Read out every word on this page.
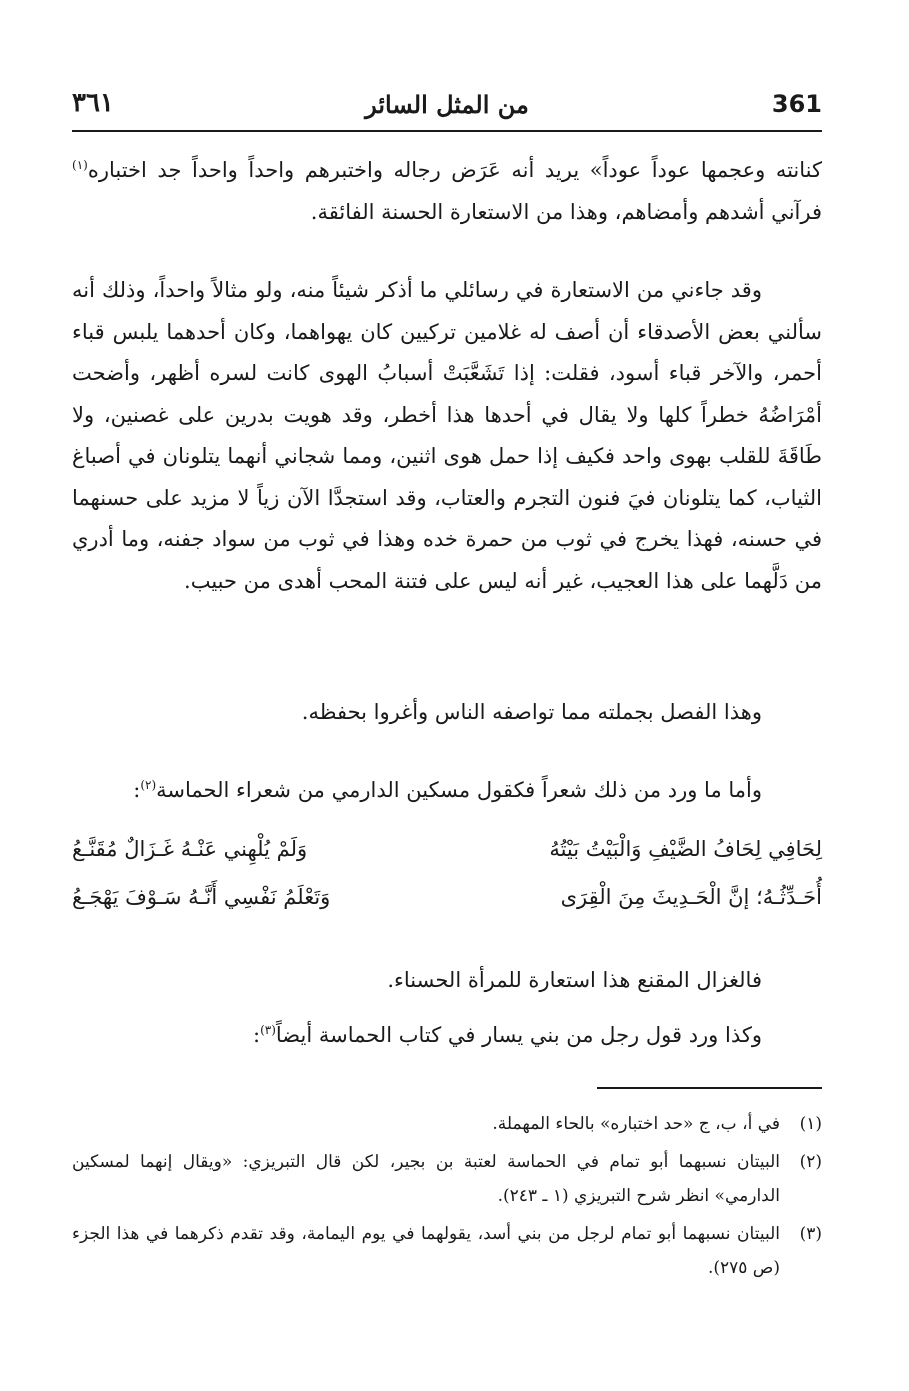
361
من المثل السائر
٣٦١

كنانته وعجمها عوداً عوداً» يريد أنه عَرَض رجاله واختبرهم واحداً واحداً جد اختباره$^{(١)}$ فرآني أشدهم وأمضاهم، وهذا من الاستعارة الحسنة الفائقة.

وقد جاءني من الاستعارة في رسائلي ما أذكر شيئاً منه، ولو مثالاً واحداً، وذلك أنه سألني بعض الأصدقاء أن أصف له غلامين تركيين كان يهواهما، وكان أحدهما يلبس قباء أحمر، والآخر قباء أسود، فقلت: إذا تَشَعَّبَتْ أسبابُ الهوى كانت لسره أظهر، وأضحت أمْرَاضُهُ خطراً كلها ولا يقال في أحدها هذا أخطر، وقد هويت بدرين على غصنين، ولا طَاقَةَ للقلب بهوى واحد فكيف إذا حمل هوى اثنين، ومما شجاني أنهما يتلونان في أصباغ الثياب، كما يتلونان فيَ فنون التجرم والعتاب، وقد استجدَّا الآن زياً لا مزيد على حسنهما في حسنه، فهذا يخرج في ثوب من حمرة خده وهذا في ثوب من سواد جفنه، وما أدري من دَلَّهما على هذا العجيب، غير أنه ليس على فتنة المحب أهدى من حبيب.

وهذا الفصل بجملته مما تواصفه الناس وأغروا بحفظه.

وأما ما ورد من ذلك شعراً فكقول مسكين الدارمي من شعراء الحماسة$^{(٢)}$:

لِحَافِي لِحَافُ الضَّيْفِ وَالْبَيْتُ بَيْتُهُ
وَلَمْ يُلْهِني عَنْـهُ غَـزَالٌ مُقَنَّـعُ
أُحَـدِّثُـهُ؛ إنَّ الْحَـدِيثَ مِنَ الْقِرَى
وَتَعْلَمُ نَفْسِي أَنَّـهُ سَـوْفَ يَهْجَـعُ

فالغزال المقنع هذا استعارة للمرأة الحسناء.

وكذا ورد قول رجل من بني يسار في كتاب الحماسة أيضاً$^{(٣)}$:

(١)
في أ، ب، ج «حد اختباره» بالحاء المهملة.

(٢)
البيتان نسبهما أبو تمام في الحماسة لعتبة بن بجير، لكن قال التبريزي: «ويقال إنهما لمسكين الدارمي» انظر شرح التبريزي (١ ـ ٢٤٣).

(٣)
البيتان نسبهما أبو تمام لرجل من بني أسد، يقولهما في يوم اليمامة، وقد تقدم ذكرهما في هذا الجزء (ص ٢٧٥).
